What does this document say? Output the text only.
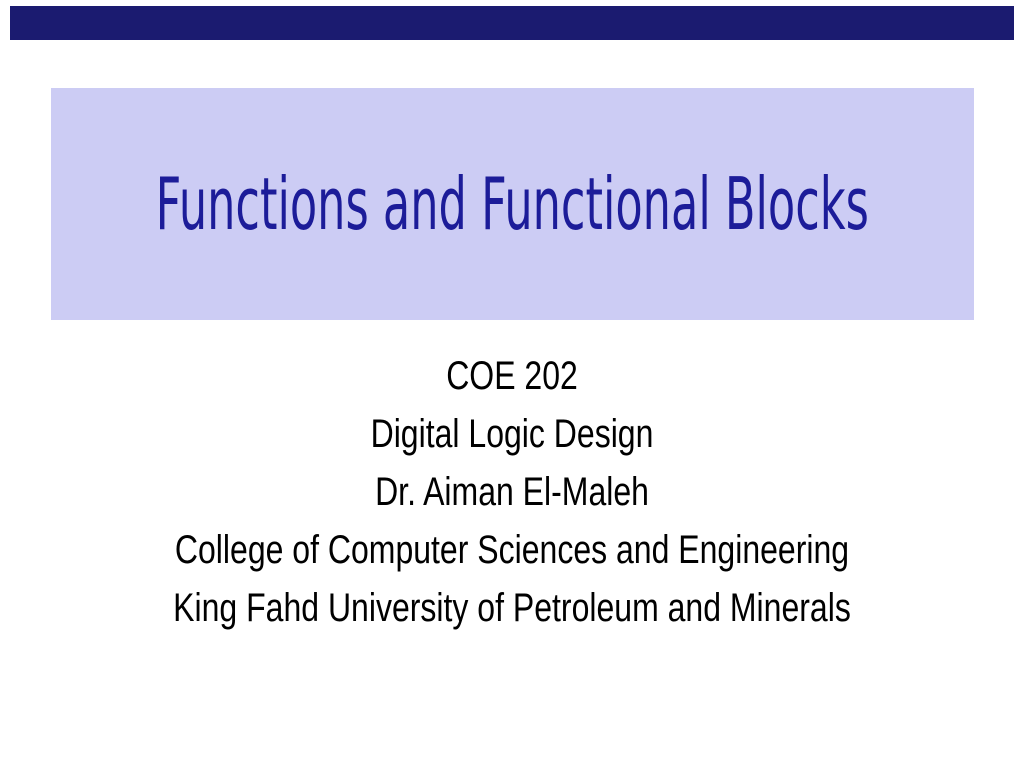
Functions and Functional Blocks
COE 202
Digital Logic Design
Dr. Aiman El-Maleh
College of Computer Sciences and Engineering
King Fahd University of Petroleum and Minerals
